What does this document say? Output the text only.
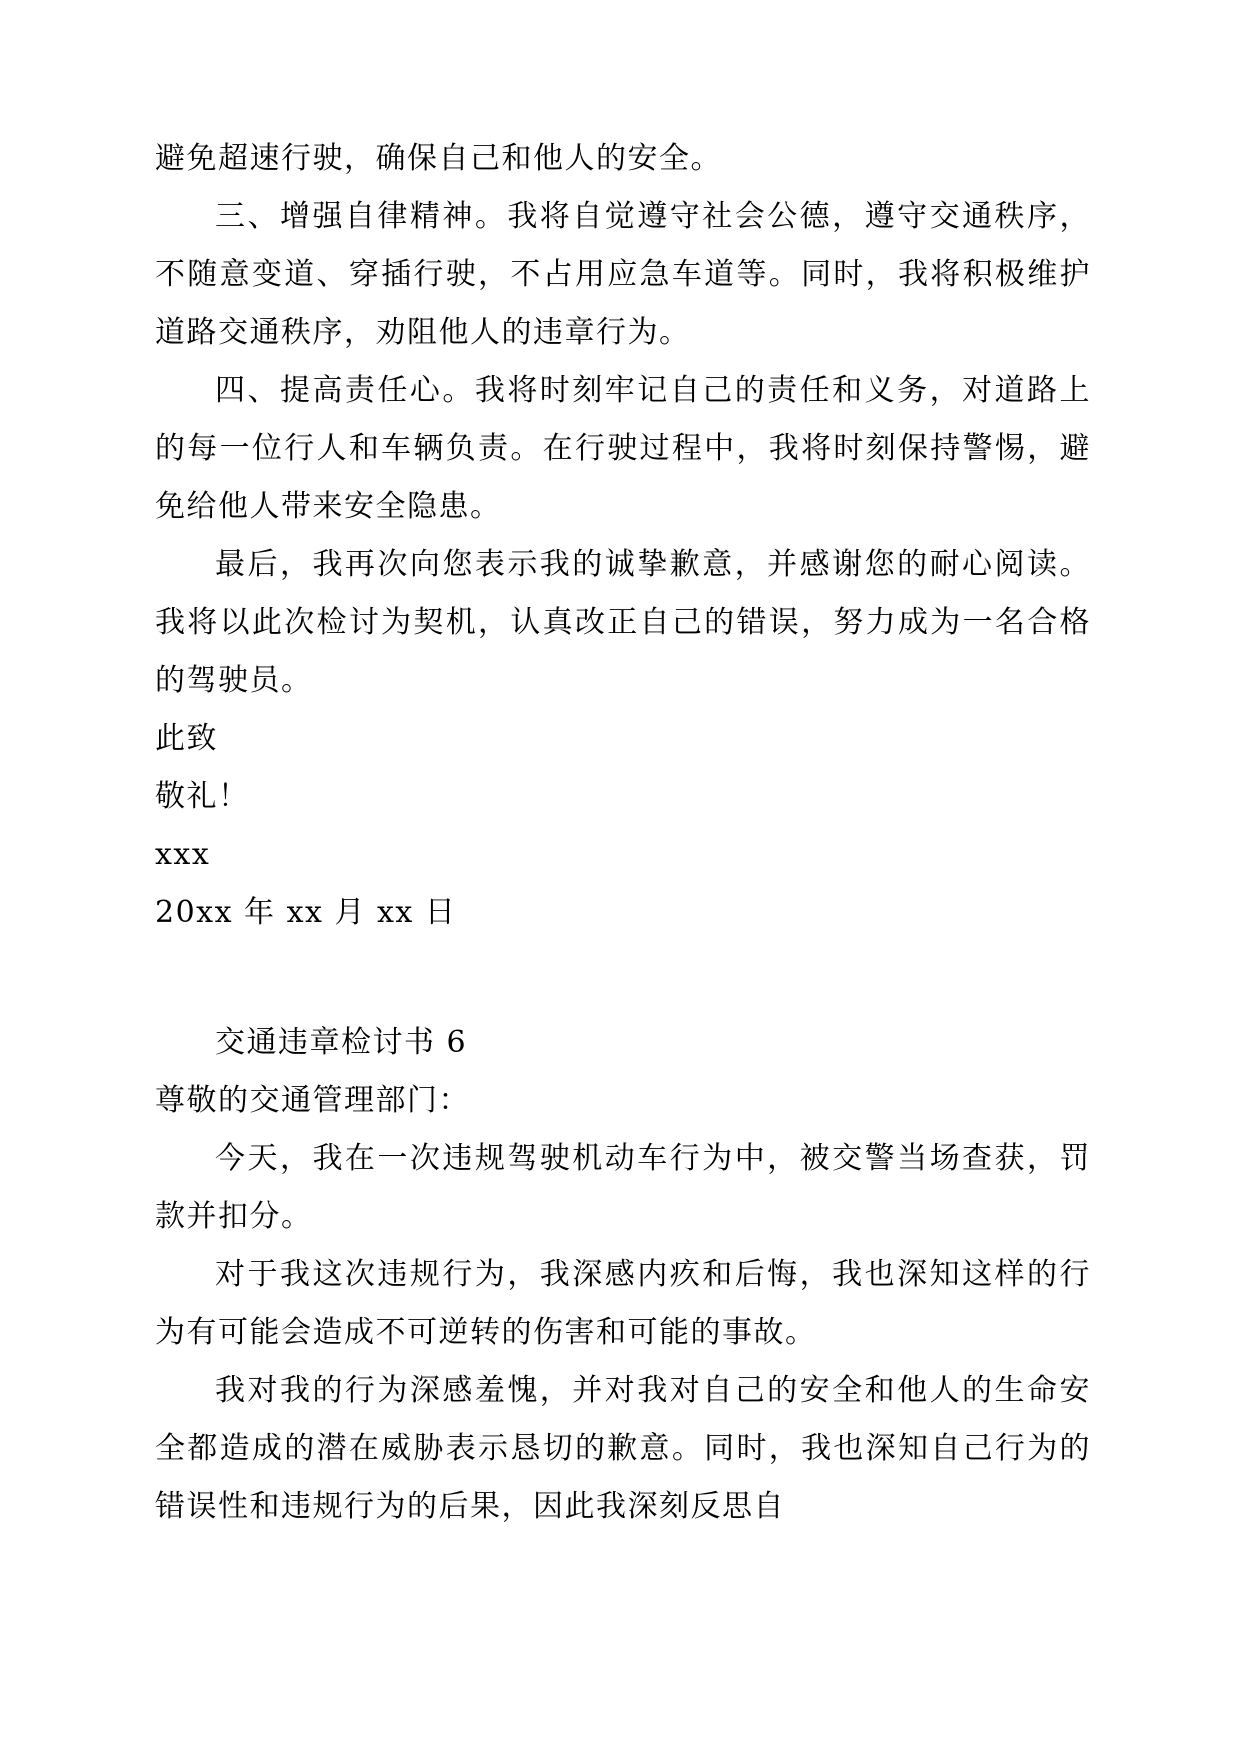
避免超速行驶，确保自己和他人的安全。

三、增强自律精神。我将自觉遵守社会公德，遵守交通秩序，不随意变道、穿插行驶，不占用应急车道等。同时，我将积极维护道路交通秩序，劝阻他人的违章行为。

四、提高责任心。我将时刻牢记自己的责任和义务，对道路上的每一位行人和车辆负责。在行驶过程中，我将时刻保持警惕，避免给他人带来安全隐患。

最后，我再次向您表示我的诚挚歉意，并感谢您的耐心阅读。我将以此次检讨为契机，认真改正自己的错误，努力成为一名合格的驾驶员。

此致

敬礼！

xxx

20xx 年 xx 月 xx 日

交通违章检讨书 6

尊敬的交通管理部门：

今天，我在一次违规驾驶机动车行为中，被交警当场查获，罚款并扣分。

对于我这次违规行为，我深感内疚和后悔，我也深知这样的行为有可能会造成不可逆转的伤害和可能的事故。

我对我的行为深感羞愧，并对我对自己的安全和他人的生命安全都造成的潜在威胁表示恳切的歉意。同时，我也深知自己行为的错误性和违规行为的后果，因此我深刻反思自
